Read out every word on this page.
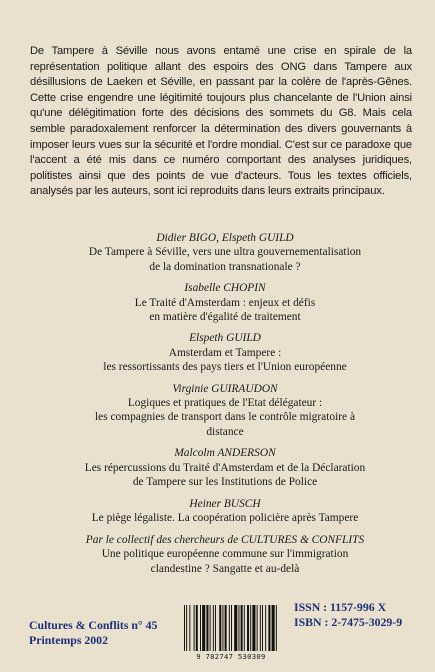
De Tampere à Séville nous avons entamé une crise en spirale de la représentation politique allant des espoirs des ONG dans Tampere aux désillusions de Laeken et Séville, en passant par la colère de l'après-Gênes. Cette crise engendre une légitimité toujours plus chancelante de l'Union ainsi qu'une délégitimation forte des décisions des sommets du G8. Mais cela semble paradoxalement renforcer la détermination des divers gouvernants à imposer leurs vues sur la sécurité et l'ordre mondial. C'est sur ce paradoxe que l'accent a été mis dans ce numéro comportant des analyses juridiques, politistes ainsi que des points de vue d'acteurs. Tous les textes officiels, analysés par les auteurs, sont ici reproduits dans leurs extraits principaux.

Didier BIGO, Elspeth GUILD
De Tampere à Séville, vers une ultra gouvernementalisation
de la domination transnationale ?
Isabelle CHOPIN
Le Traité d'Amsterdam : enjeux et défis
en matière d'égalité de traitement
Elspeth GUILD
Amsterdam et Tampere :
les ressortissants des pays tiers et l'Union européenne
Virginie GUIRAUDON
Logiques et pratiques de l'Etat délégateur :
les compagnies de transport dans le contrôle migratoire à
distance
Malcolm ANDERSON
Les répercussions du Traité d'Amsterdam et de la Déclaration
de Tampere sur les Institutions de Police
Heiner BUSCH
Le piège légaliste. La coopération policière après Tampere
Par le collectif des chercheurs de CULTURES & CONFLITS
Une politique européenne commune sur l'immigration
clandestine ? Sangatte et au-delà
Cultures & Conflits n° 45
Printemps 2002
9 782747 530309
ISSN : 1157-996 X
ISBN : 2-7475-3029-9
